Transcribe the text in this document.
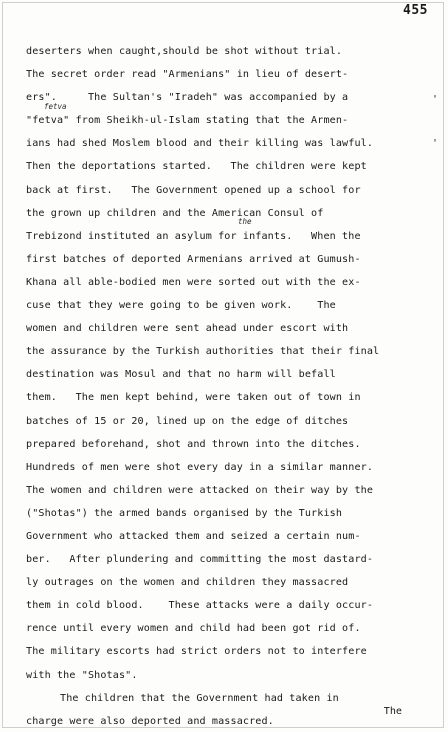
455
'
'
deserters when caught,should be shot without trial.
The secret order read "Armenians" in lieu of desert-
ers".     The Sultan's "Iradeh" was accompanied by a
"fetva" from Sheikh-ul-Islam stating that the Armen-
ians had shed Moslem blood and their killing was lawful.
Then the deportations started.   The children were kept
back at first.   The Government opened up a school for
the grown up children and the American Consul of
Trebizond instituted an asylum for infants.   When the
first batches of deported Armenians arrived at Gumush-
Khana all able-bodied men were sorted out with the ex-
cuse that they were going to be given work.    The
women and children were sent ahead under escort with
the assurance by the Turkish authorities that their final
destination was Mosul and that no harm will befall
them.   The men kept behind, were taken out of town in
batches of 15 or 20, lined up on the edge of ditches
prepared beforehand, shot and thrown into the ditches.
Hundreds of men were shot every day in a similar manner.
The women and children were attacked on their way by the
("Shotas") the armed bands organised by the Turkish
Government who attacked them and seized a certain num-
ber.   After plundering and committing the most dastard-
ly outrages on the women and children they massacred
them in cold blood.    These attacks were a daily occur-
rence until every women and child had been got rid of.
The military escorts had strict orders not to interfere
with the "Shotas".
The children that the Government had taken in
charge were also deported and massacred.
fetva
the
The
